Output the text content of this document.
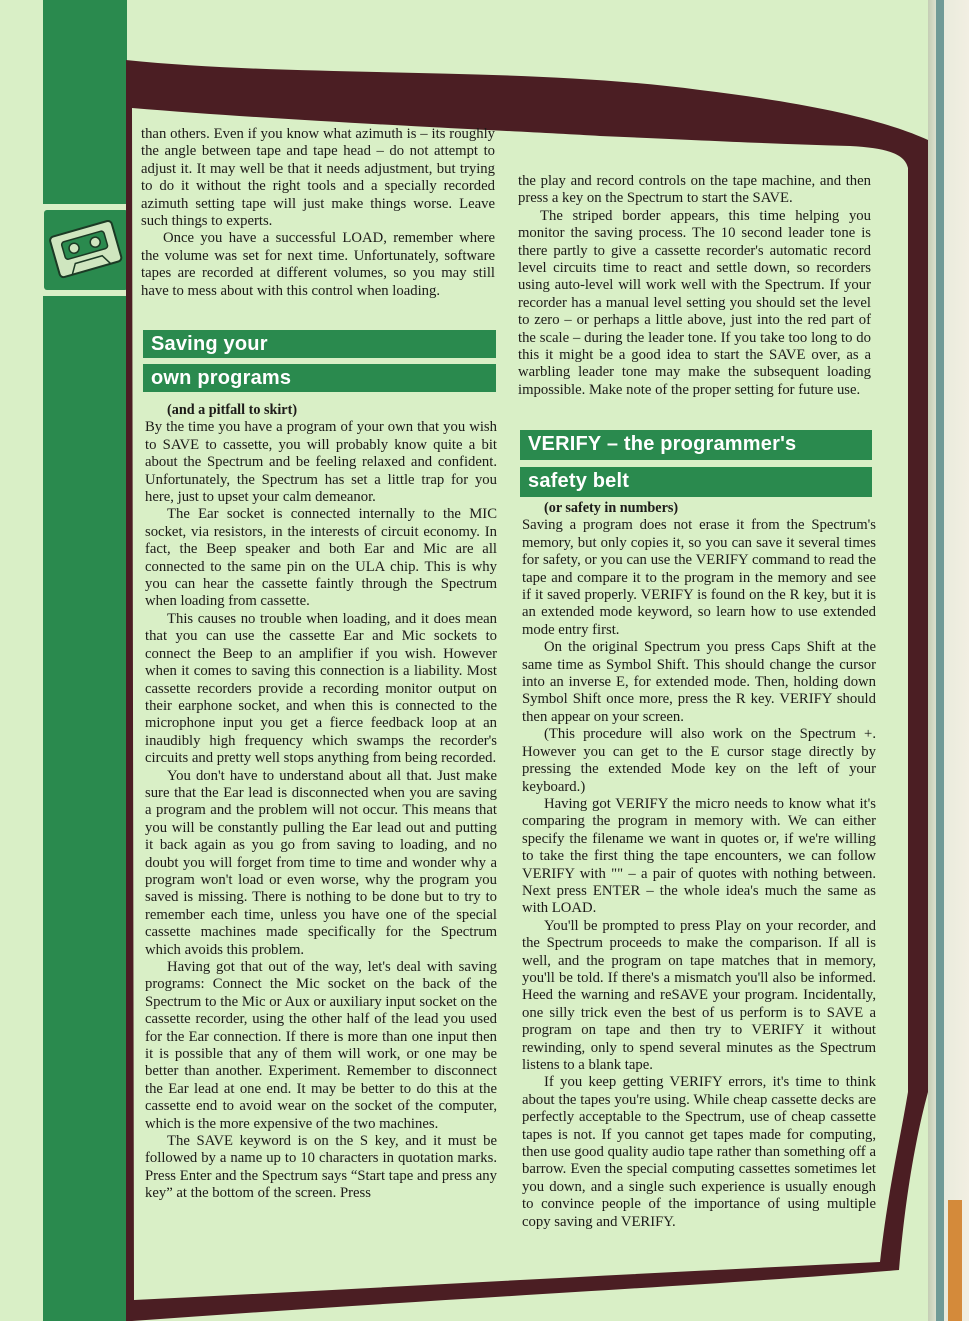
than others. Even if you know what azimuth is – its roughly the angle between tape and tape head – do not attempt to adjust it. It may well be that it needs adjustment, but trying to do it without the right tools and a specially recorded azimuth setting tape will just make things worse. Leave such things to experts.

Once you have a successful LOAD, remember where the volume was set for next time. Unfortunately, software tapes are recorded at different volumes, so you may still have to mess about with this control when loading.

Saving your
own programs

(and a pitfall to skirt)

By the time you have a program of your own that you wish to SAVE to cassette, you will probably know quite a bit about the Spectrum and be feeling relaxed and confident. Unfortunately, the Spectrum has set a little trap for you here, just to upset your calm demeanor.

The Ear socket is connected internally to the MIC socket, via resistors, in the interests of circuit economy. In fact, the Beep speaker and both Ear and Mic are all connected to the same pin on the ULA chip. This is why you can hear the cassette faintly through the Spectrum when loading from cassette.

This causes no trouble when loading, and it does mean that you can use the cassette Ear and Mic sockets to connect the Beep to an amplifier if you wish. However when it comes to saving this connection is a liability. Most cassette recorders provide a recording monitor output on their earphone socket, and when this is connected to the microphone input you get a fierce feedback loop at an inaudibly high frequency which swamps the recorder's circuits and pretty well stops anything from being recorded.

You don't have to understand about all that. Just make sure that the Ear lead is disconnected when you are saving a program and the problem will not occur. This means that you will be constantly pulling the Ear lead out and putting it back again as you go from saving to loading, and no doubt you will forget from time to time and wonder why a program won't load or even worse, why the program you saved is missing. There is nothing to be done but to try to remember each time, unless you have one of the special cassette machines made specifically for the Spectrum which avoids this problem.

Having got that out of the way, let's deal with saving programs: Connect the Mic socket on the back of the Spectrum to the Mic or Aux or auxiliary input socket on the cassette recorder, using the other half of the lead you used for the Ear connection. If there is more than one input then it is possible that any of them will work, or one may be better than another. Experiment. Remember to disconnect the Ear lead at one end. It may be better to do this at the cassette end to avoid wear on the socket of the computer, which is the more expensive of the two machines.

The SAVE keyword is on the S key, and it must be followed by a name up to 10 characters in quotation marks. Press Enter and the Spectrum says “Start tape and press any key” at the bottom of the screen. Press

the play and record controls on the tape machine, and then press a key on the Spectrum to start the SAVE.

The striped border appears, this time helping you monitor the saving process. The 10 second leader tone is there partly to give a cassette recorder's automatic record level circuits time to react and settle down, so recorders using auto-level will work well with the Spectrum. If your recorder has a manual level setting you should set the level to zero – or perhaps a little above, just into the red part of the scale – during the leader tone. If you take too long to do this it might be a good idea to start the SAVE over, as a warbling leader tone may make the subsequent loading impossible. Make note of the proper setting for future use.

VERIFY – the programmer's
safety belt

(or safety in numbers)

Saving a program does not erase it from the Spectrum's memory, but only copies it, so you can save it several times for safety, or you can use the VERIFY command to read the tape and compare it to the program in the memory and see if it saved properly. VERIFY is found on the R key, but it is an extended mode keyword, so learn how to use extended mode entry first.

On the original Spectrum you press Caps Shift at the same time as Symbol Shift. This should change the cursor into an inverse E, for extended mode. Then, holding down Symbol Shift once more, press the R key. VERIFY should then appear on your screen.

(This procedure will also work on the Spectrum +. However you can get to the E cursor stage directly by pressing the extended Mode key on the left of your keyboard.)

Having got VERIFY the micro needs to know what it's comparing the program in memory with. We can either specify the filename we want in quotes or, if we're willing to take the first thing the tape encounters, we can follow VERIFY with "" – a pair of quotes with nothing between. Next press ENTER – the whole idea's much the same as with LOAD.

You'll be prompted to press Play on your recorder, and the Spectrum proceeds to make the comparison. If all is well, and the program on tape matches that in memory, you'll be told. If there's a mismatch you'll also be informed. Heed the warning and reSAVE your program. Incidentally, one silly trick even the best of us perform is to SAVE a program on tape and then try to VERIFY it without rewinding, only to spend several minutes as the Spectrum listens to a blank tape.

If you keep getting VERIFY errors, it's time to think about the tapes you're using. While cheap cassette decks are perfectly acceptable to the Spectrum, use of cheap cassette tapes is not. If you cannot get tapes made for computing, then use good quality audio tape rather than something off a barrow. Even the special computing cassettes sometimes let you down, and a single such experience is usually enough to convince people of the importance of using multiple copy saving and VERIFY.
